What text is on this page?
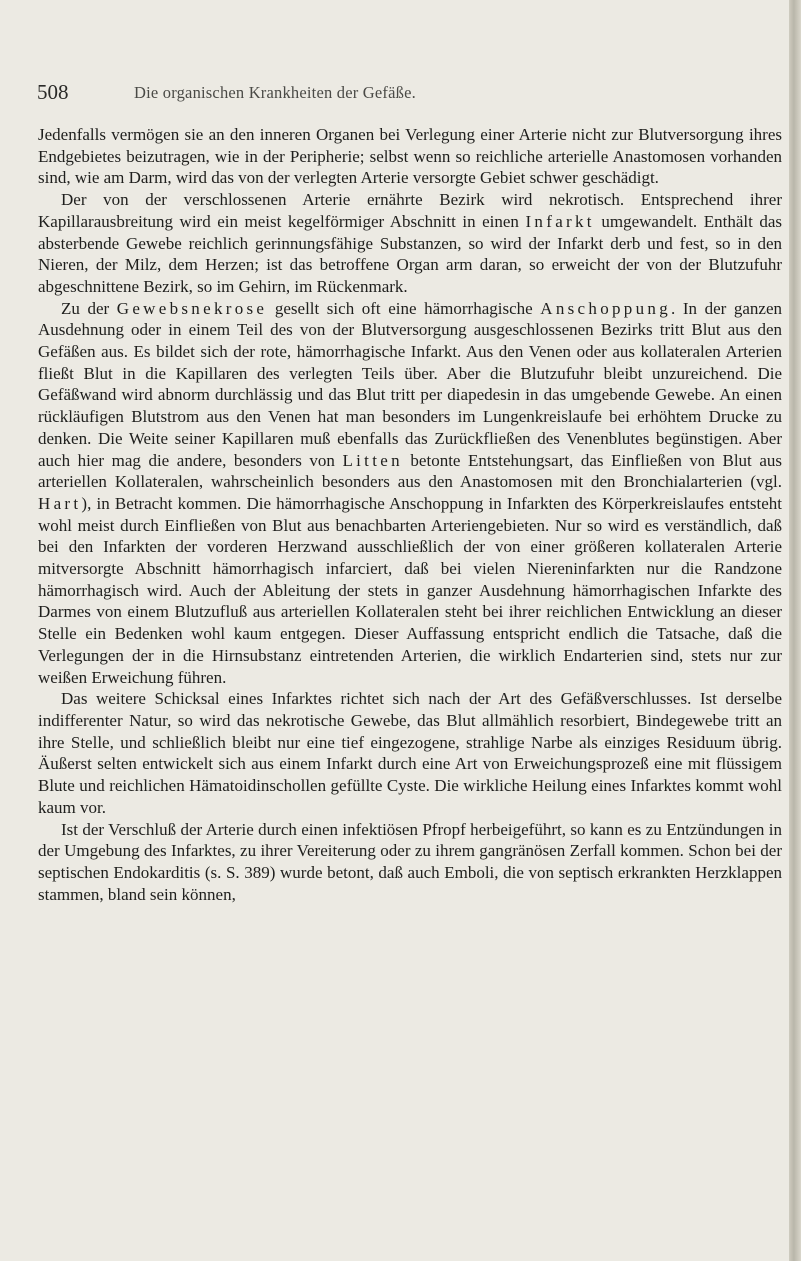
508	Die organischen Krankheiten der Gefäße.

Jedenfalls vermögen sie an den inneren Organen bei Verlegung einer Arterie nicht zur Blutversorgung ihres Endgebietes beizutragen, wie in der Peripherie; selbst wenn so reichliche arterielle Anastomosen vorhanden sind, wie am Darm, wird das von der verlegten Arterie versorgte Gebiet schwer geschädigt.

Der von der verschlossenen Arterie ernährte Bezirk wird nekrotisch. Entsprechend ihrer Kapillarausbreitung wird ein meist kegelförmiger Abschnitt in einen Infarkt umgewandelt. Enthält das absterbende Gewebe reichlich gerinnungsfähige Substanzen, so wird der Infarkt derb und fest, so in den Nieren, der Milz, dem Herzen; ist das betroffene Organ arm daran, so erweicht der von der Blutzufuhr abgeschnittene Bezirk, so im Gehirn, im Rückenmark.

Zu der Gewebsnekrose gesellt sich oft eine hämorrhagische Anschoppung. In der ganzen Ausdehnung oder in einem Teil des von der Blutversorgung ausgeschlossenen Bezirks tritt Blut aus den Gefäßen aus. Es bildet sich der rote, hämorrhagische Infarkt. Aus den Venen oder aus kollateralen Arterien fließt Blut in die Kapillaren des verlegten Teils über. Aber die Blutzufuhr bleibt unzureichend. Die Gefäßwand wird abnorm durchlässig und das Blut tritt per diapedesin in das umgebende Gewebe. An einen rückläufigen Blutstrom aus den Venen hat man besonders im Lungenkreislaufe bei erhöhtem Drucke zu denken. Die Weite seiner Kapillaren muß ebenfalls das Zurückfließen des Venenblutes begünstigen. Aber auch hier mag die andere, besonders von Litten betonte Entstehungsart, das Einfließen von Blut aus arteriellen Kollateralen, wahrscheinlich besonders aus den Anastomosen mit den Bronchialarterien (vgl. Hart), in Betracht kommen. Die hämorrhagische Anschoppung in Infarkten des Körperkreislaufes entsteht wohl meist durch Einfließen von Blut aus benachbarten Arteriengebieten. Nur so wird es verständlich, daß bei den Infarkten der vorderen Herzwand ausschließlich der von einer größeren kollateralen Arterie mitversorgte Abschnitt hämorrhagisch infarciert, daß bei vielen Niereninfarkten nur die Randzone hämorrhagisch wird. Auch der Ableitung der stets in ganzer Ausdehnung hämorrhagischen Infarkte des Darmes von einem Blutzufluß aus arteriellen Kollateralen steht bei ihrer reichlichen Entwicklung an dieser Stelle ein Bedenken wohl kaum entgegen. Dieser Auffassung entspricht endlich die Tatsache, daß die Verlegungen der in die Hirnsubstanz eintretenden Arterien, die wirklich Endarterien sind, stets nur zur weißen Erweichung führen.

Das weitere Schicksal eines Infarktes richtet sich nach der Art des Gefäßverschlusses. Ist derselbe indifferenter Natur, so wird das nekrotische Gewebe, das Blut allmählich resorbiert, Bindegewebe tritt an ihre Stelle, und schließlich bleibt nur eine tief eingezogene, strahlige Narbe als einziges Residuum übrig. Äußerst selten entwickelt sich aus einem Infarkt durch eine Art von Erweichungsprozeß eine mit flüssigem Blute und reichlichen Hämatoidinschollen gefüllte Cyste. Die wirkliche Heilung eines Infarktes kommt wohl kaum vor.

Ist der Verschluß der Arterie durch einen infektiösen Pfropf herbeigeführt, so kann es zu Entzündungen in der Umgebung des Infarktes, zu ihrer Vereiterung oder zu ihrem gangränösen Zerfall kommen. Schon bei der septischen Endokarditis (s. S. 389) wurde betont, daß auch Emboli, die von septisch erkrankten Herzklappen stammen, bland sein können,
